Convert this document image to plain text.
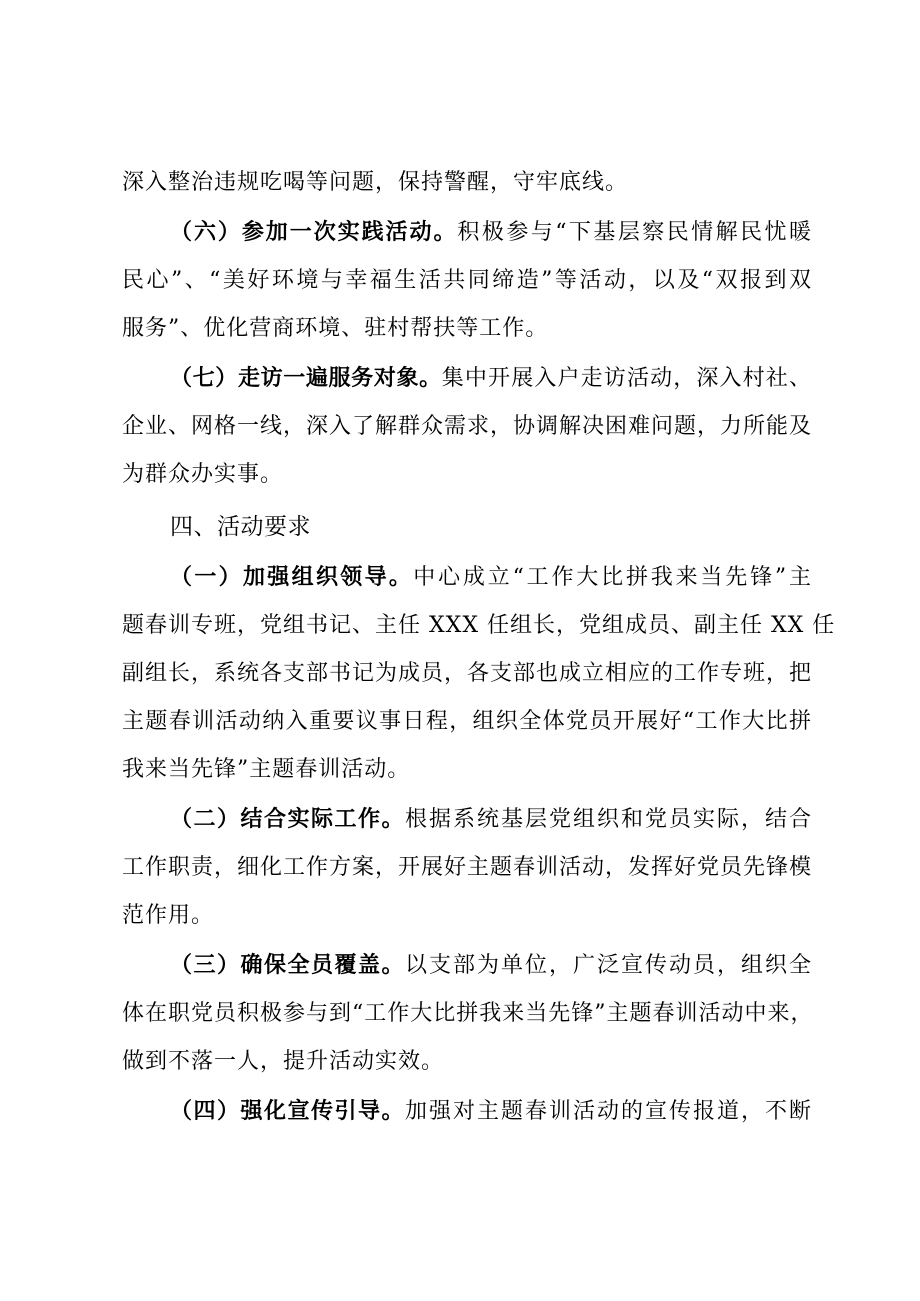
深入整治违规吃喝等问题，保持警醒，守牢底线。
（六）参加一次实践活动。积极参与“下基层察民情解民忧暖
民心”、“美好环境与幸福生活共同缔造”等活动，以及“双报到双
服务”、优化营商环境、驻村帮扶等工作。
（七）走访一遍服务对象。集中开展入户走访活动，深入村社、
企业、网格一线，深入了解群众需求，协调解决困难问题，力所能及
为群众办实事。
四、活动要求
（一）加强组织领导。中心成立“工作大比拼我来当先锋”主
题春训专班，党组书记、主任 XXX 任组长，党组成员、副主任 XX 任
副组长，系统各支部书记为成员，各支部也成立相应的工作专班，把
主题春训活动纳入重要议事日程，组织全体党员开展好“工作大比拼
我来当先锋”主题春训活动。
（二）结合实际工作。根据系统基层党组织和党员实际，结合
工作职责，细化工作方案，开展好主题春训活动，发挥好党员先锋模
范作用。
（三）确保全员覆盖。以支部为单位，广泛宣传动员，组织全
体在职党员积极参与到“工作大比拼我来当先锋”主题春训活动中来，
做到不落一人，提升活动实效。
（四）强化宣传引导。加强对主题春训活动的宣传报道，不断
